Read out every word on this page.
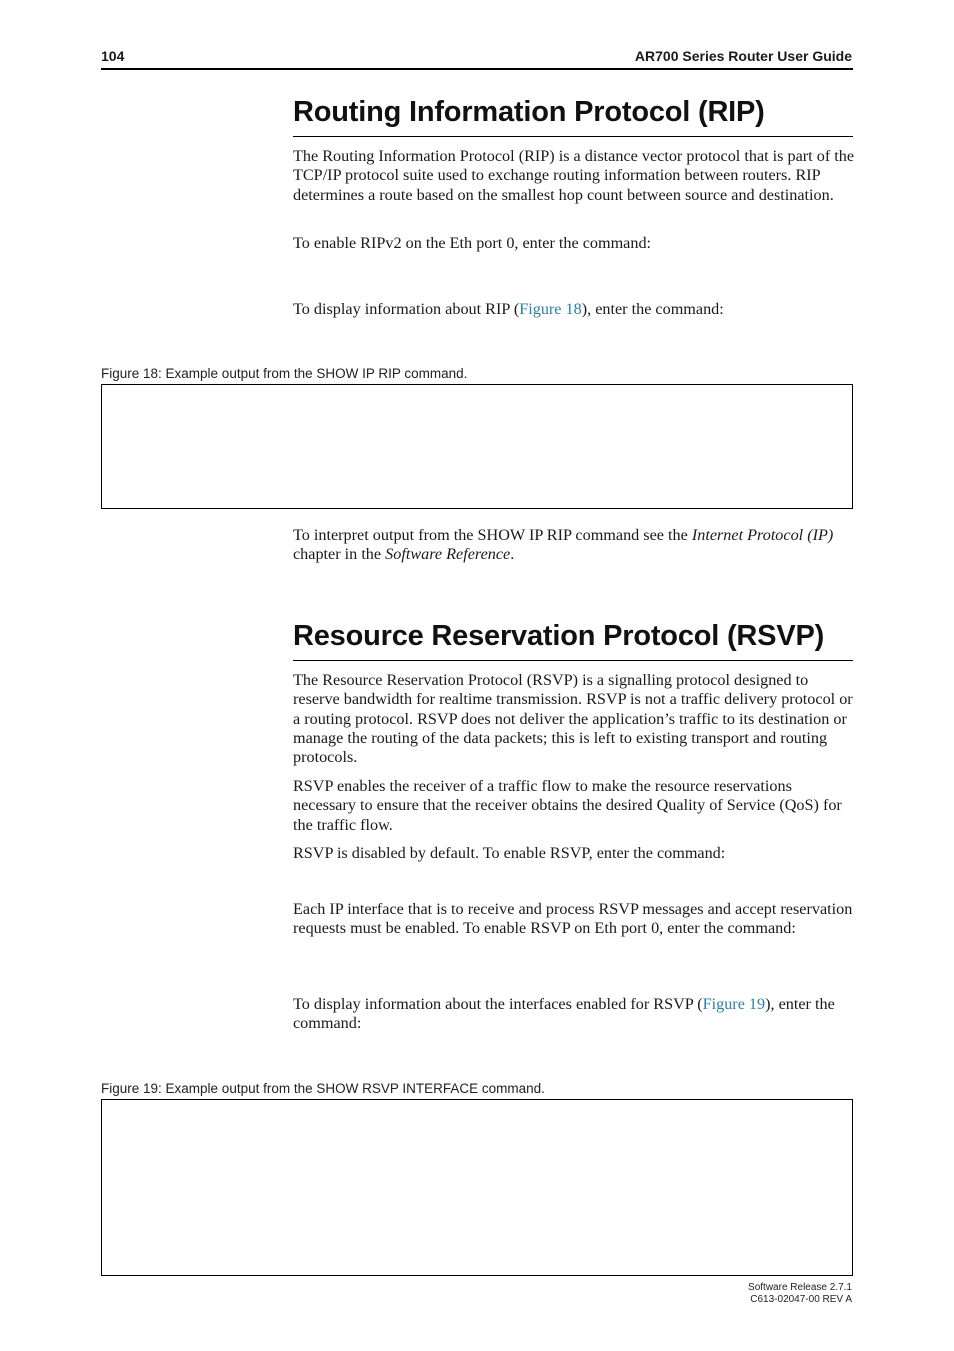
104	AR700 Series Router User Guide
Routing Information Protocol (RIP)
The Routing Information Protocol (RIP) is a distance vector protocol that is part of the TCP/IP protocol suite used to exchange routing information between routers. RIP determines a route based on the smallest hop count between source and destination.
To enable RIPv2 on the Eth port 0, enter the command:
To display information about RIP (Figure 18), enter the command:
Figure 18: Example output from the SHOW IP RIP command.
To interpret output from the SHOW IP RIP command see the Internet Protocol (IP) chapter in the Software Reference.
Resource Reservation Protocol (RSVP)
The Resource Reservation Protocol (RSVP) is a signalling protocol designed to reserve bandwidth for realtime transmission. RSVP is not a traffic delivery protocol or a routing protocol. RSVP does not deliver the application’s traffic to its destination or manage the routing of the data packets; this is left to existing transport and routing protocols.
RSVP enables the receiver of a traffic flow to make the resource reservations necessary to ensure that the receiver obtains the desired Quality of Service (QoS) for the traffic flow.
RSVP is disabled by default. To enable RSVP, enter the command:
Each IP interface that is to receive and process RSVP messages and accept reservation requests must be enabled. To enable RSVP on Eth port 0, enter the command:
To display information about the interfaces enabled for RSVP (Figure 19), enter the command:
Figure 19: Example output from the SHOW RSVP INTERFACE command.
Software Release 2.7.1
C613-02047-00 REV A
